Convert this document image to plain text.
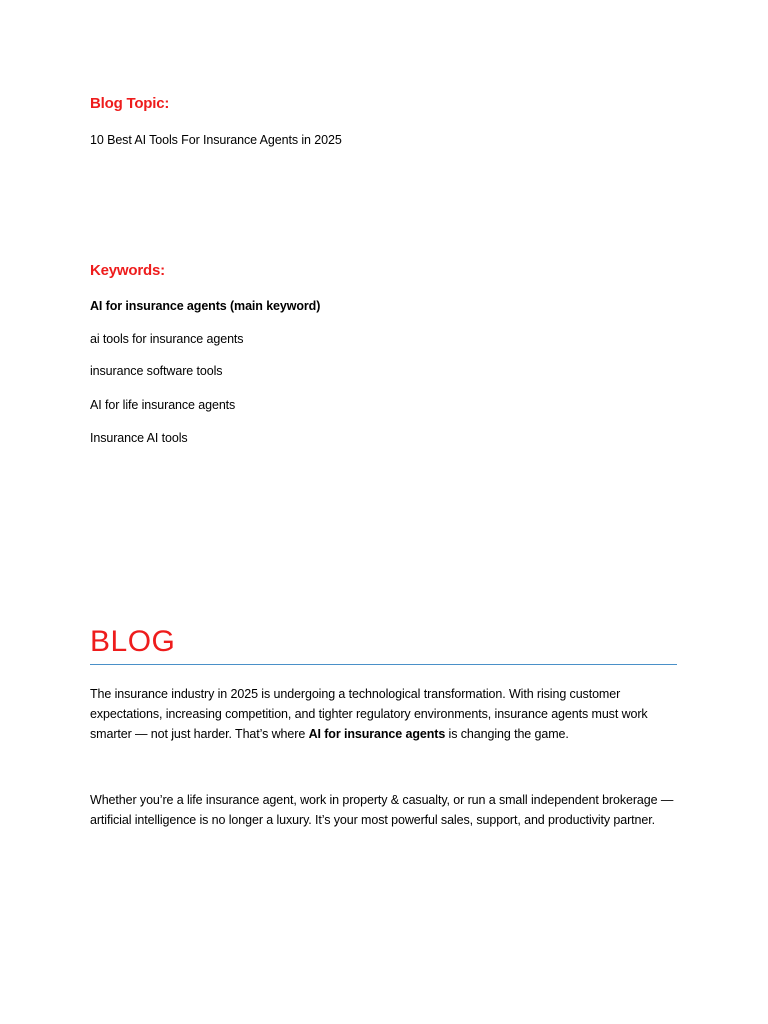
Blog Topic:

10 Best AI Tools For Insurance Agents in 2025

Keywords:

AI for insurance agents (main keyword)

ai tools for insurance agents

insurance software tools

AI for life insurance agents

Insurance AI tools

BLOG

The insurance industry in 2025 is undergoing a technological transformation. With rising customer expectations, increasing competition, and tighter regulatory environments, insurance agents must work smarter — not just harder. That’s where AI for insurance agents is changing the game.

Whether you’re a life insurance agent, work in property & casualty, or run a small independent brokerage — artificial intelligence is no longer a luxury. It’s your most powerful sales, support, and productivity partner.
